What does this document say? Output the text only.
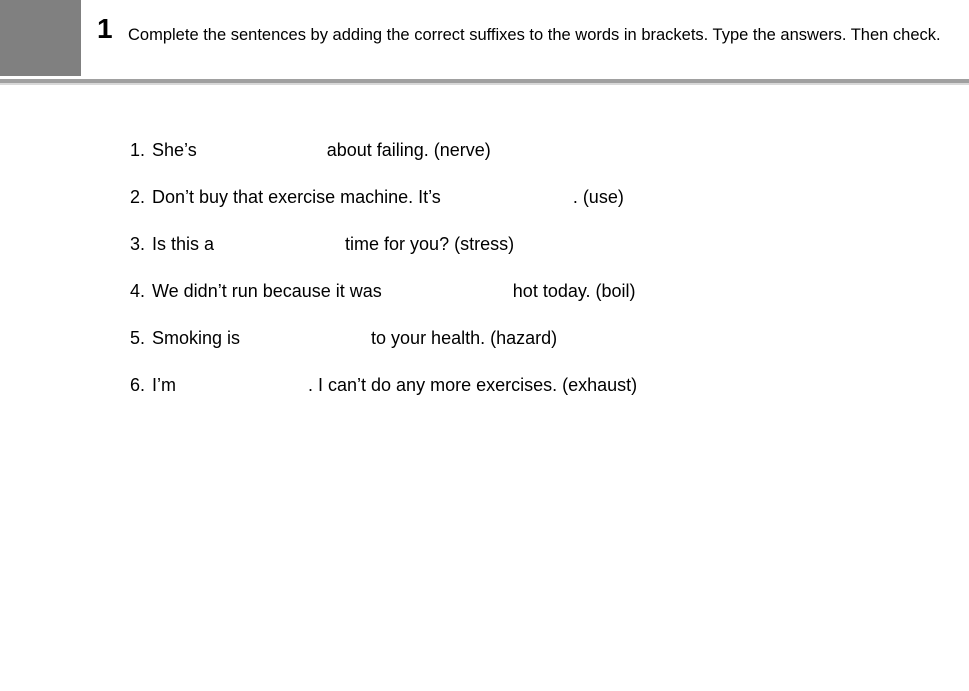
1 Complete the sentences by adding the correct suffixes to the words in brackets. Type the answers. Then check.
1. She’s	about failing. (nerve)
2. Don’t buy that exercise machine. It’s	. (use)
3. Is this a	time for you? (stress)
4. We didn’t run because it was	hot today. (boil)
5. Smoking is	to your health. (hazard)
6. I’m	. I can’t do any more exercises. (exhaust)
